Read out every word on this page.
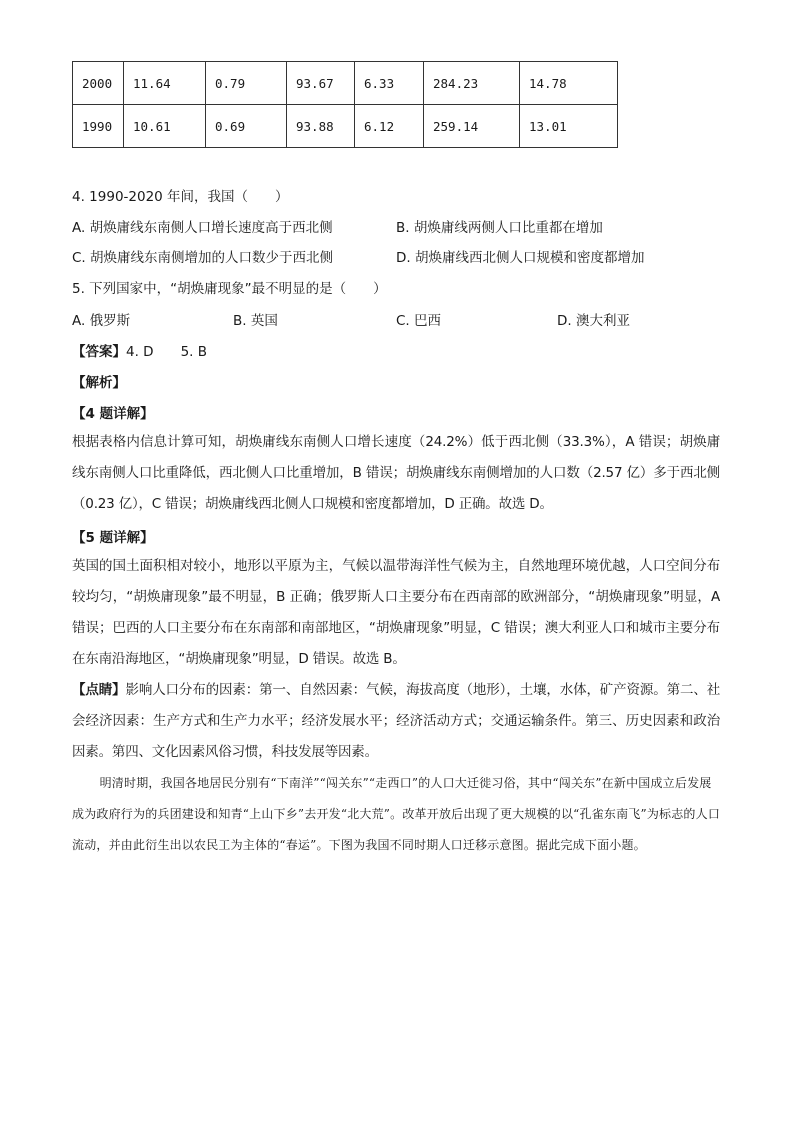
2000	11.64	0.79	93.67	6.33	284.23	14.78
1990	10.61	0.69	93.88	6.12	259.14	13.01
4. 1990-2020 年间，我国（　　）
A. 胡焕庸线东南侧人口增长速度高于西北侧	B. 胡焕庸线两侧人口比重都在增加
C. 胡焕庸线东南侧增加的人口数少于西北侧	D. 胡焕庸线西北侧人口规模和密度都增加
5. 下列国家中，“胡焕庸现象”最不明显的是（　　）
A. 俄罗斯	B. 英国	C. 巴西	D. 澳大利亚
【答案】4. D　　5. B
【解析】
【4 题详解】

根据表格内信息计算可知，胡焕庸线东南侧人口增长速度（24.2%）低于西北侧（33.3%），A 错误；胡焕庸线东南侧人口比重降低，西北侧人口比重增加，B 错误；胡焕庸线东南侧增加的人口数（2.57 亿）多于西北侧（0.23 亿），C 错误；胡焕庸线西北侧人口规模和密度都增加，D 正确。故选 D。

【5 题详解】

英国的国土面积相对较小，地形以平原为主，气候以温带海洋性气候为主，自然地理环境优越，人口空间分布较均匀，“胡焕庸现象”最不明显，B 正确；俄罗斯人口主要分布在西南部的欧洲部分，“胡焕庸现象”明显，A 错误；巴西的人口主要分布在东南部和南部地区，“胡焕庸现象”明显，C 错误；澳大利亚人口和城市主要分布在东南沿海地区，“胡焕庸现象”明显，D 错误。故选 B。

【点睛】影响人口分布的因素：第一、自然因素：气候，海拔高度（地形），土壤，水体，矿产资源。第二、社会经济因素：生产方式和生产力水平；经济发展水平；经济活动方式；交通运输条件。第三、历史因素和政治因素。第四、文化因素风俗习惯，科技发展等因素。

明清时期，我国各地居民分别有“下南洋”“闯关东”“走西口”的人口大迁徙习俗，其中“闯关东”在新中国成立后发展成为政府行为的兵团建设和知青“上山下乡”去开发“北大荒”。改革开放后出现了更大规模的以“孔雀东南飞”为标志的人口流动，并由此衍生出以农民工为主体的“春运”。下图为我国不同时期人口迁移示意图。据此完成下面小题。
